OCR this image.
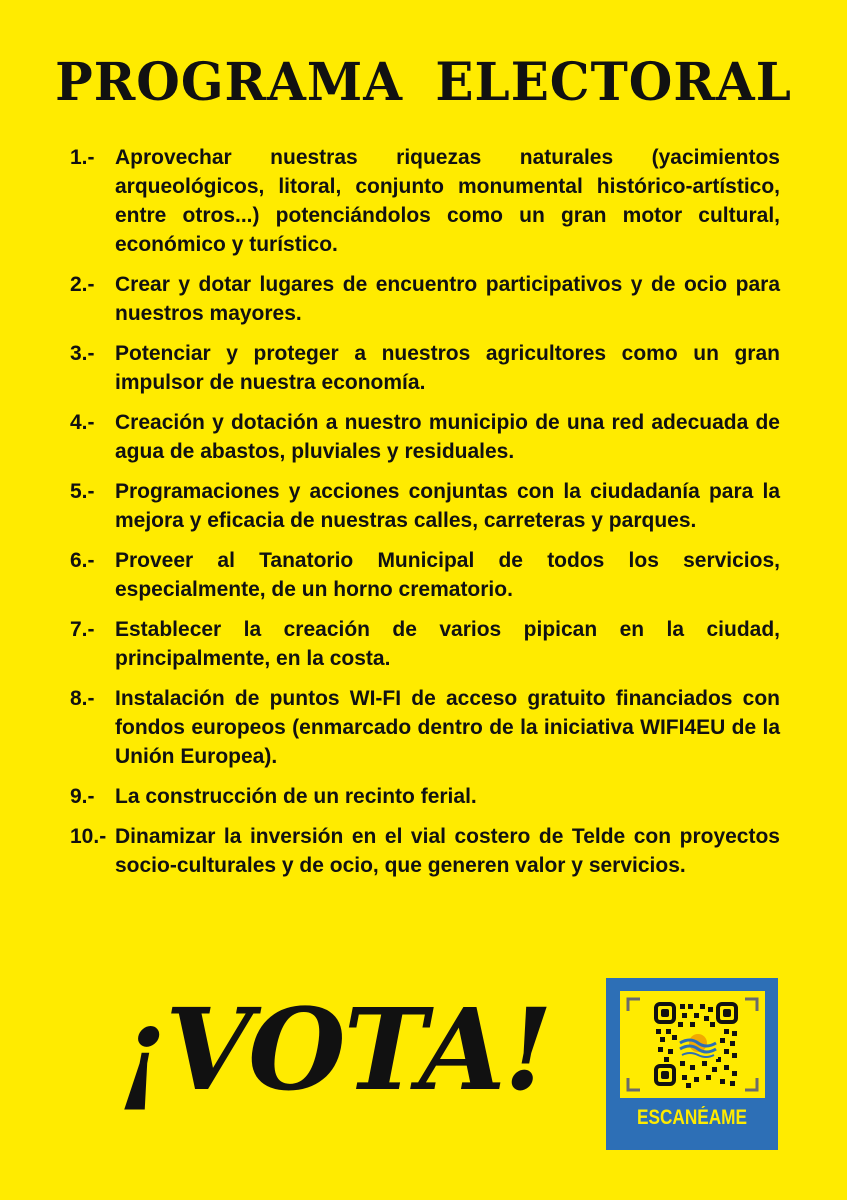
PROGRAMA ELECTORAL
1.- Aprovechar nuestras riquezas naturales (yacimientos arqueológicos, litoral, conjunto monumental histórico-artístico, entre otros...) potenciándolos como un gran motor cultural, económico y turístico.
2.- Crear y dotar lugares de encuentro participativos y de ocio para nuestros mayores.
3.- Potenciar y proteger a nuestros agricultores como un gran impulsor de nuestra economía.
4.- Creación y dotación a nuestro municipio de una red adecuada de agua de abastos, pluviales y residuales.
5.- Programaciones y acciones conjuntas con la ciudadanía para la mejora y eficacia de nuestras calles, carreteras y parques.
6.- Proveer al Tanatorio Municipal de todos los servicios, especialmente, de un horno crematorio.
7.- Establecer la creación de varios pipican en la ciudad, principalmente, en la costa.
8.- Instalación de puntos WI-FI de acceso gratuito financiados con fondos europeos (enmarcado dentro de la iniciativa WIFI4EU de la Unión Europea).
9.- La construcción de un recinto ferial.
10.- Dinamizar la inversión en el vial costero de Telde con proyectos socio-culturales y de ocio, que generen valor y servicios.
¡VOTA!
ESCANÉAME
